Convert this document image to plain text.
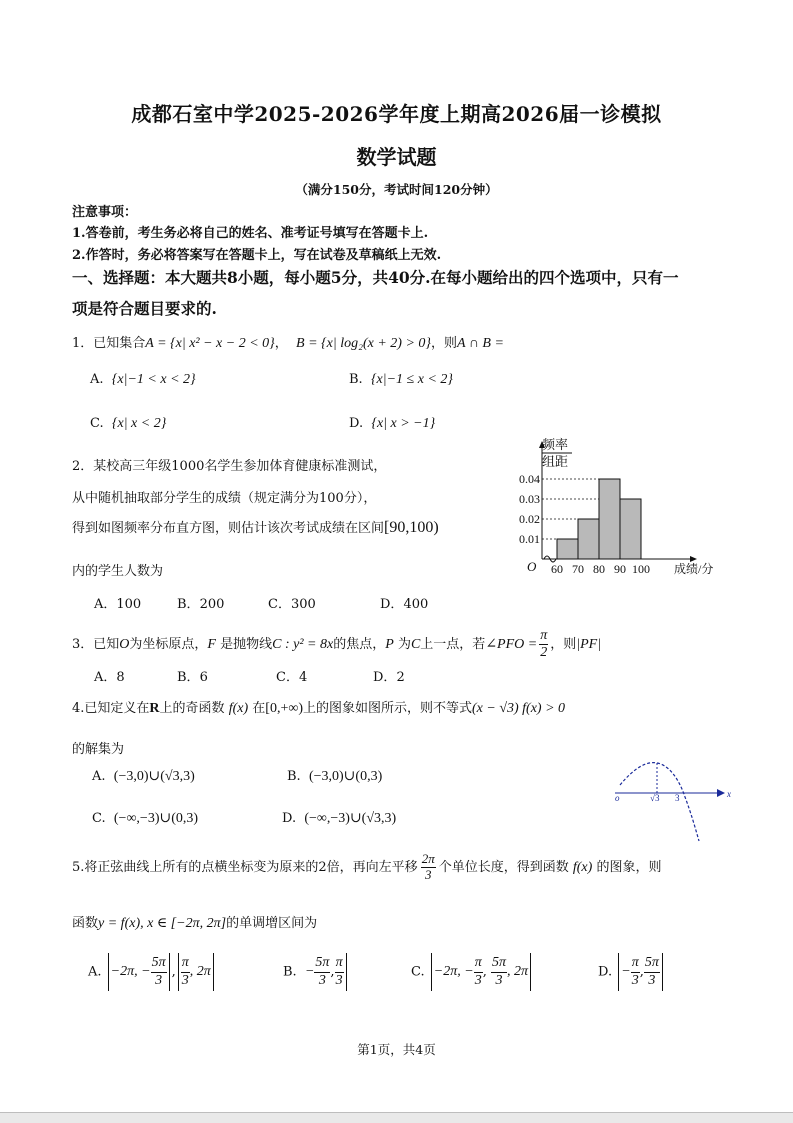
成都石室中学2025-2026学年度上期高2026届一诊模拟
数学试题
（满分150分，考试时间120分钟）
注意事项：
1.答卷前，考生务必将自己的姓名、准考证号填写在答题卡上.
2.作答时，务必将答案写在答题卡上，写在试卷及草稿纸上无效.
一、选择题：本大题共8小题，每小题5分，共40分.在每小题给出的四个选项中，只有一
项是符合题目要求的.
1．已知集合A = {x| x² − x − 2 < 0}， B = {x| log₂(x + 2) > 0}，则A ∩ B =
A. {x|−1 < x < 2}	B. {x|−1 ≤ x < 2}
C. {x| x < 2}	D. {x| x > −1}
2．某校高三年级1000名学生参加体育健康标准测试，
从中随机抽取部分学生的成绩（规定满分为100分），
得到如图频率分布直方图，则估计该次考试成绩在区间[90,100)
内的学生人数为
A．100	B．200	C．300	D．400
频率
组距
O
0.01
0.02
0.03
0.04
60 70 80 90 100 成绩/分
3．已知O为坐标原点，F 是抛物线C : y² = 8x的焦点，P 为C上一点，若∠PFO = $\frac{\pi}{2}$ ，则|PF|
A．8	B．6	C．4	D．2
4.已知定义在R上的奇函数 f(x) 在[0,+∞)上的图象如图所示，则不等式(x − √3) f(x) > 0
的解集为
A. (−3,0)∪(√3,3)	B. (−3,0)∪(0,3)
C. (−∞,−3)∪(0,3)	D. (−∞,−3)∪(√3,3)
o	√3 3	x
5.将正弦曲线上所有的点横坐标变为原来的2倍，再向左平移 $\frac{2\pi}{3}$ 个单位长度，得到函数 f(x) 的图象，则
函数y = f(x), x ∈ [−2π, 2π]的单调增区间为
A. −2π, − $\frac{5\pi}{3}$ , $\frac{\pi}{3}$ , 2π	B. − $\frac{5\pi}{3}$ , $\frac{\pi}{3}$	C. −2π, − $\frac{\pi}{3}$ , $\frac{5\pi}{3}$ , 2π	D. − $\frac{\pi}{3}$ , $\frac{5\pi}{3}$
第1页，共4页
